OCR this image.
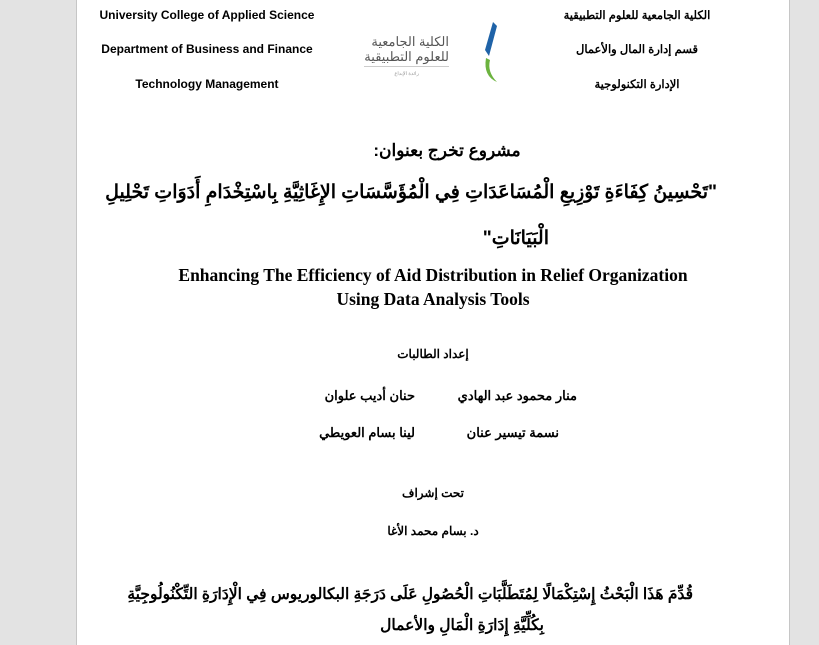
University College of Applied Science
Department of Business and Finance
Technology Management
الكلية الجامعية
للعلوم التطبيقية
رائدة الإبداع
الكلية الجامعية للعلوم التطبيقية
قسم إدارة المال والأعمال
الإدارة التكنولوجية
مشروع تخرج بعنوان:
"تَحْسِينُ كِفَاءَةِ تَوْزِيعِ الْمُسَاعَدَاتِ فِي الْمُؤَسَّسَاتِ الإِغَاثِيَّةِ بِاسْتِخْدَامِ أَدَوَاتِ تَحْلِيلِ
الْبَيَانَاتِ"
Enhancing The Efficiency of Aid Distribution in Relief Organization
Using Data Analysis Tools
إعداد الطالبات
منار محمود عبد الهادي
حنان أديب علوان
نسمة تيسير عنان
لينا بسام العويطي
تحت إشراف
د. بسام محمد الأغا
قُدِّمَ هَذَا الْبَحْثُ إِسْتِكْمَالًا لِمُتَطَلَّبَاتِ الْحُصُولِ عَلَى دَرَجَةِ البكالوريوس فِي الْإِدَارَةِ التِّكْنُولُوجِيَّةِ
بِكُلِّيَّةِ إِدَارَةِ الْمَالِ والأعمال
